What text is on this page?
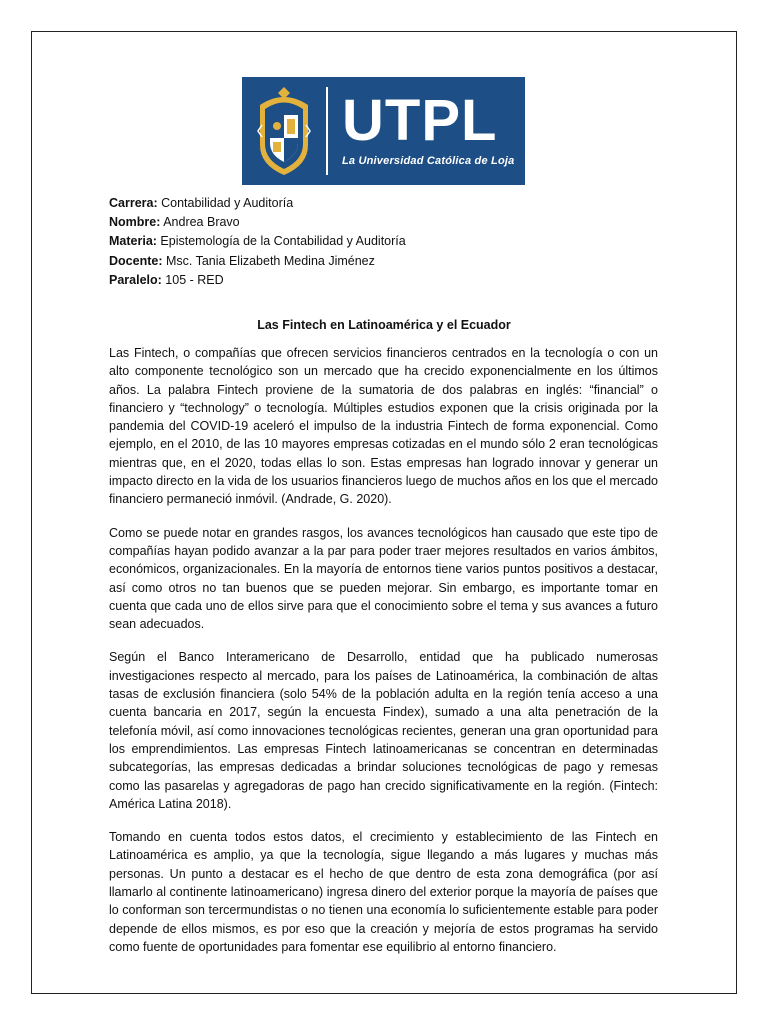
UTPL
La Universidad Católica de Loja
Carrera: Contabilidad y Auditoría
Nombre: Andrea Bravo
Materia: Epistemología de la Contabilidad y Auditoría
Docente: Msc. Tania Elizabeth Medina Jiménez
Paralelo: 105 - RED
Las Fintech en Latinoamérica y el Ecuador

Las Fintech, o compañías que ofrecen servicios financieros centrados en la tecnología o con un alto componente tecnológico son un mercado que ha crecido exponencialmente en los últimos años. La palabra Fintech proviene de la sumatoria de dos palabras en inglés: “financial” o financiero y “technology” o tecnología. Múltiples estudios exponen que la crisis originada por la pandemia del COVID-19 aceleró el impulso de la industria Fintech de forma exponencial. Como ejemplo, en el 2010, de las 10 mayores empresas cotizadas en el mundo sólo 2 eran tecnológicas mientras que, en el 2020, todas ellas lo son. Estas empresas han logrado innovar y generar un impacto directo en la vida de los usuarios financieros luego de muchos años en los que el mercado financiero permaneció inmóvil. (Andrade, G. 2020).

Como se puede notar en grandes rasgos, los avances tecnológicos han causado que este tipo de compañías hayan podido avanzar a la par para poder traer mejores resultados en varios ámbitos, económicos, organizacionales. En la mayoría de entornos tiene varios puntos positivos a destacar, así como otros no tan buenos que se pueden mejorar. Sin embargo, es importante tomar en cuenta que cada uno de ellos sirve para que el conocimiento sobre el tema y sus avances a futuro sean adecuados.

Según el Banco Interamericano de Desarrollo, entidad que ha publicado numerosas investigaciones respecto al mercado, para los países de Latinoamérica, la combinación de altas tasas de exclusión financiera (solo 54% de la población adulta en la región tenía acceso a una cuenta bancaria en 2017, según la encuesta Findex), sumado a una alta penetración de la telefonía móvil, así como innovaciones tecnológicas recientes, generan una gran oportunidad para los emprendimientos. Las empresas Fintech latinoamericanas se concentran en determinadas subcategorías, las empresas dedicadas a brindar soluciones tecnológicas de pago y remesas como las pasarelas y agregadoras de pago han crecido significativamente en la región. (Fintech: América Latina 2018).

Tomando en cuenta todos estos datos, el crecimiento y establecimiento de las Fintech en Latinoamérica es amplio, ya que la tecnología, sigue llegando a más lugares y muchas más personas. Un punto a destacar es el hecho de que dentro de esta zona demográfica (por así llamarlo al continente latinoamericano) ingresa dinero del exterior porque la mayoría de países que lo conforman son tercermundistas o no tienen una economía lo suficientemente estable para poder depende de ellos mismos, es por eso que la creación y mejoría de estos programas ha servido como fuente de oportunidades para fomentar ese equilibrio al entorno financiero.
